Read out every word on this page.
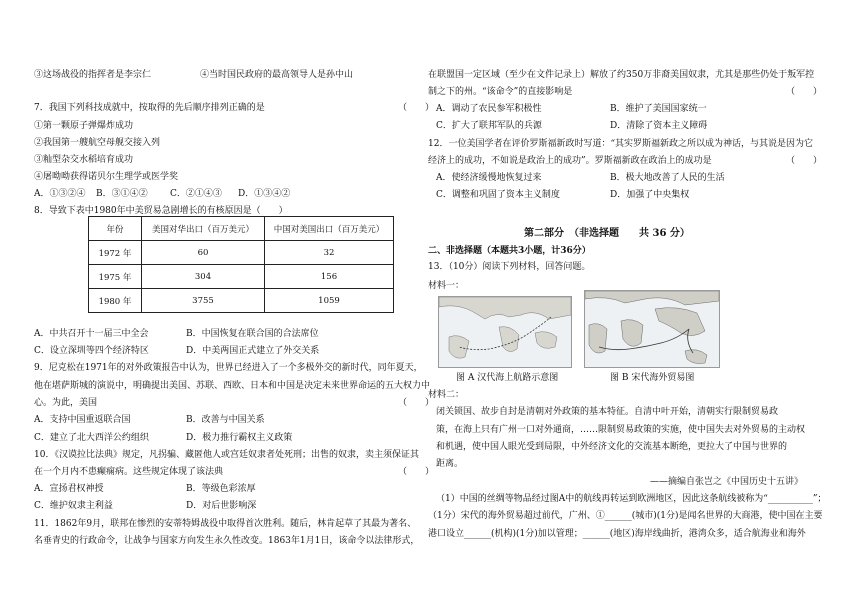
③这场战役的指挥者是李宗仁	④当时国民政府的最高领导人是孙中山
7．我国下列科技成就中，按取得的先后顺序排列正确的是
①第一颗原子弹爆炸成功
②我国第一艘航空母舰交接入列
③籼型杂交水稻培育成功
④屠呦呦获得诺贝尔生理学或医学奖
8．导致下表中1980年中美贸易急剧增长的有核原因是（　　）
A．中共召开十一届三中全会	B．中国恢复在联合国的合法席位
C．设立深圳等四个经济特区	D．中美两国正式建立了外交关系
9．尼克松在1971年的对外政策报告中认为，世界已经进入了一个多极外交的新时代，同年夏天，
他在堪萨斯城的演说中，明确提出美国、苏联、西欧、日本和中国是决定未来世界命运的五大权力中
心。为此，美国
A．支持中国重返联合国	B．改善与中国关系
C．建立了北大西洋公约组织	D．极力推行霸权主义政策
10．《汉谟拉比法典》规定，凡拐骗、藏匿他人或宫廷奴隶者处死刑；出售的奴隶，卖主须保证其
在一个月内不患癫痫病。这些规定体现了该法典
A．宣扬君权神授	B．等级色彩浓厚
C．维护奴隶主利益	D．对后世影响深
11．1862年9月，联邦在惨烈的安蒂特姆战役中取得首次胜利。随后，林肯起草了其最为著名、
名垂青史的行政命令，让战争与国家方向发生永久性改变。1863年1月1日，该命令以法律形式，
在联盟国一定区域（至少在文件记录上）解放了约350万非裔美国奴隶，尤其是那些仍处于叛军控
制之下的州。“该命令”的直接影响是
A．调动了农民参军积极性	B．维护了美国国家统一
C．扩大了联邦军队的兵源	D．清除了资本主义障碍
12．一位美国学者在评价罗斯福新政时写道：“其实罗斯福新政之所以成为神话，与其说是因为它
经济上的成功，不如说是政治上的成功”。罗斯福新政在政治上的成功是
A．使经济缓慢地恢复过来	B．极大地改善了人民的生活
C．调整和巩固了资本主义制度	D．加强了中央集权
13．（10分）阅读下列材料，回答问题。
材料一：
材料二：
闭关锁国、故步自封是清朝对外政策的基本特征。自清中叶开始，清朝实行限制贸易政
策，在海上只有广州一口对外通商，……限制贸易政策的实施，使中国失去对外贸易的主动权
和机遇，使中国人眼光受到局限，中外经济文化的交流基本断绝，更拉大了中国与世界的
距离。
——摘编自张岂之《中国历史十五讲》
（1）中国的丝绸等物品经过图A中的航线再转运到欧洲地区，因此这条航线被称为“__________”；
（1分）宋代的海外贸易超过前代，广州、①______(城市)(1分)是闻名世界的大商港，使中国在主要
港口设立______(机构)(1分)加以管理；______(地区)海岸线曲折，港湾众多，适合航海业和海外
（　　）
A．①③②④ B．③①④② C．②①④③ D．①③④②
年份	美国对华出口（百万美元）	中国对美国出口（百万美元）
1972 年	60	32
1975 年	304	156
1980 年	3755	1059
（　　）
（　　）
（　　）
（　　）
第二部分　（非选择题　　共 36 分）
二、非选择题（本题共3小题，计36分）
图 A 汉代海上航路示意图	图 B 宋代海外贸易图
